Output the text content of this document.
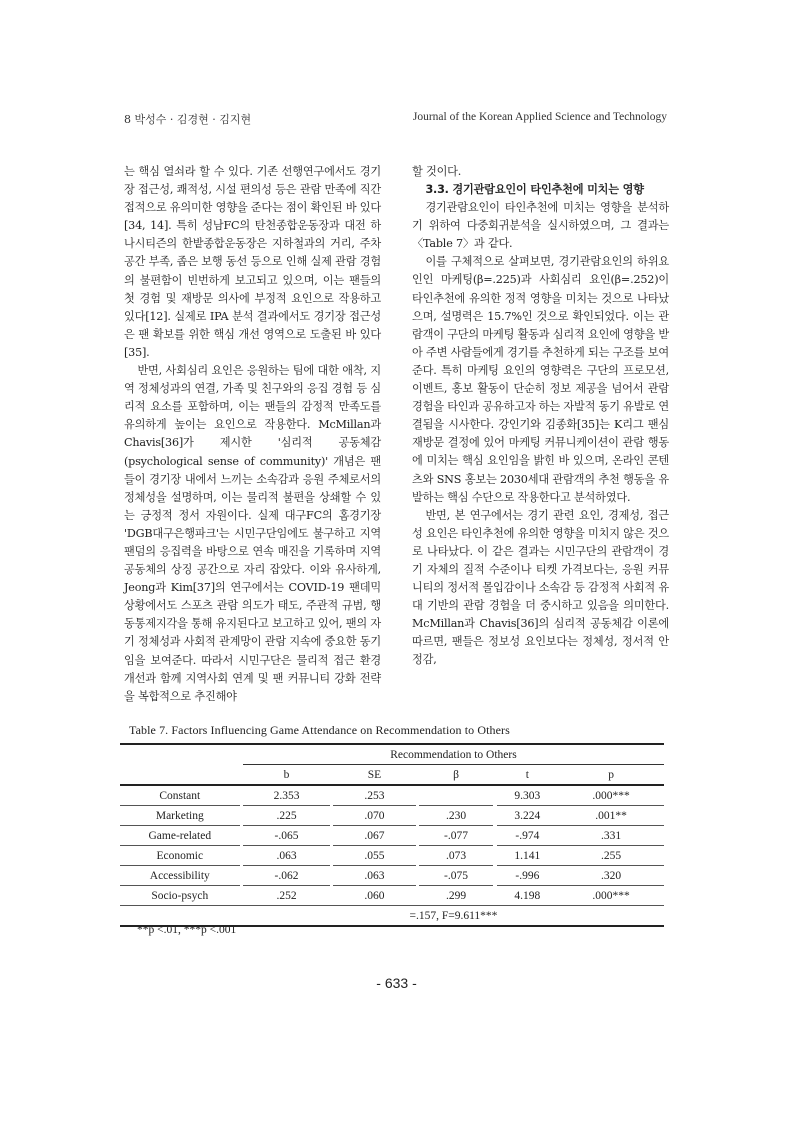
8 박성수 · 김경현 · 김지현	Journal of the Korean Applied Science and Technology

는 핵심 열쇠라 할 수 있다. 기존 선행연구에서도 경기장 접근성, 쾌적성, 시설 편의성 등은 관람 만족에 직간접적으로 유의미한 영향을 준다는 점이 확인된 바 있다[34, 14]. 특히 성남FC의 탄천종합운동장과 대전 하나시티즌의 한밭종합운동장은 지하철과의 거리, 주차 공간 부족, 좁은 보행 동선 등으로 인해 실제 관람 경험의 불편함이 빈번하게 보고되고 있으며, 이는 팬들의 첫 경험 및 재방문 의사에 부정적 요인으로 작용하고 있다[12]. 실제로 IPA 분석 결과에서도 경기장 접근성은 팬 확보를 위한 핵심 개선 영역으로 도출된 바 있다[35].

반면, 사회심리 요인은 응원하는 팀에 대한 애착, 지역 정체성과의 연결, 가족 및 친구와의 응집 경험 등 심리적 요소를 포함하며, 이는 팬들의 감정적 만족도를 유의하게 높이는 요인으로 작용한다. McMillan과 Chavis[36]가 제시한 '심리적 공동체감(psychological sense of community)' 개념은 팬들이 경기장 내에서 느끼는 소속감과 응원 주체로서의 정체성을 설명하며, 이는 물리적 불편을 상쇄할 수 있는 긍정적 정서 자원이다. 실제 대구FC의 홈경기장 'DGB대구은행파크'는 시민구단임에도 불구하고 지역 팬덤의 응집력을 바탕으로 연속 매진을 기록하며 지역 공동체의 상징 공간으로 자리 잡았다. 이와 유사하게, Jeong과 Kim[37]의 연구에서는 COVID-19 팬데믹 상황에서도 스포츠 관람 의도가 태도, 주관적 규범, 행동통제지각을 통해 유지된다고 보고하고 있어, 팬의 자기 정체성과 사회적 관계망이 관람 지속에 중요한 동기임을 보여준다. 따라서 시민구단은 물리적 접근 환경 개선과 함께 지역사회 연계 및 팬 커뮤니티 강화 전략을 복합적으로 추진해야

할 것이다.

3.3. 경기관람요인이 타인추천에 미치는 영향

경기관람요인이 타인추천에 미치는 영향을 분석하기 위하여 다중회귀분석을 실시하였으며, 그 결과는 〈Table 7〉과 같다.

이를 구체적으로 살펴보면, 경기관람요인의 하위요인인 마케팅(β=.225)과 사회심리 요인(β=.252)이 타인추천에 유의한 정적 영향을 미치는 것으로 나타났으며, 설명력은 15.7%인 것으로 확인되었다. 이는 관람객이 구단의 마케팅 활동과 심리적 요인에 영향을 받아 주변 사람들에게 경기를 추천하게 되는 구조를 보여준다. 특히 마케팅 요인의 영향력은 구단의 프로모션, 이벤트, 홍보 활동이 단순히 정보 제공을 넘어서 관람 경험을 타인과 공유하고자 하는 자발적 동기 유발로 연결됨을 시사한다. 강인기와 김종화[35]는 K리그 팬심 재방문 결정에 있어 마케팅 커뮤니케이션이 관람 행동에 미치는 핵심 요인임을 밝힌 바 있으며, 온라인 콘텐츠와 SNS 홍보는 2030세대 관람객의 추천 행동을 유발하는 핵심 수단으로 작용한다고 분석하였다.

반면, 본 연구에서는 경기 관련 요인, 경제성, 접근성 요인은 타인추천에 유의한 영향을 미치지 않은 것으로 나타났다. 이 같은 결과는 시민구단의 관람객이 경기 자체의 질적 수준이나 티켓 가격보다는, 응원 커뮤니티의 정서적 몰입감이나 소속감 등 감정적 사회적 유대 기반의 관람 경험을 더 중시하고 있음을 의미한다. McMillan과 Chavis[36]의 심리적 공동체감 이론에 따르면, 팬들은 정보성 요인보다는 정체성, 정서적 안정감,

Table 7. Factors Influencing Game Attendance on Recommendation to Others
		Recommendation to Others							
		b		SE		β		t	p
Constant		2.353		.253				9.303	.000***
Marketing		.225		.070		.230		3.224	.001**
Game-related		-.065		.067		-.077		-.974	.331
Economic		.063		.055		.073		1.141	.255
Accessibility		-.062		.063		-.075		-.996	.320
Socio-psych		.252		.060		.299		4.198	.000***
		=.157, F=9.611***							
**p <.01, ***p <.001
- 633 -
